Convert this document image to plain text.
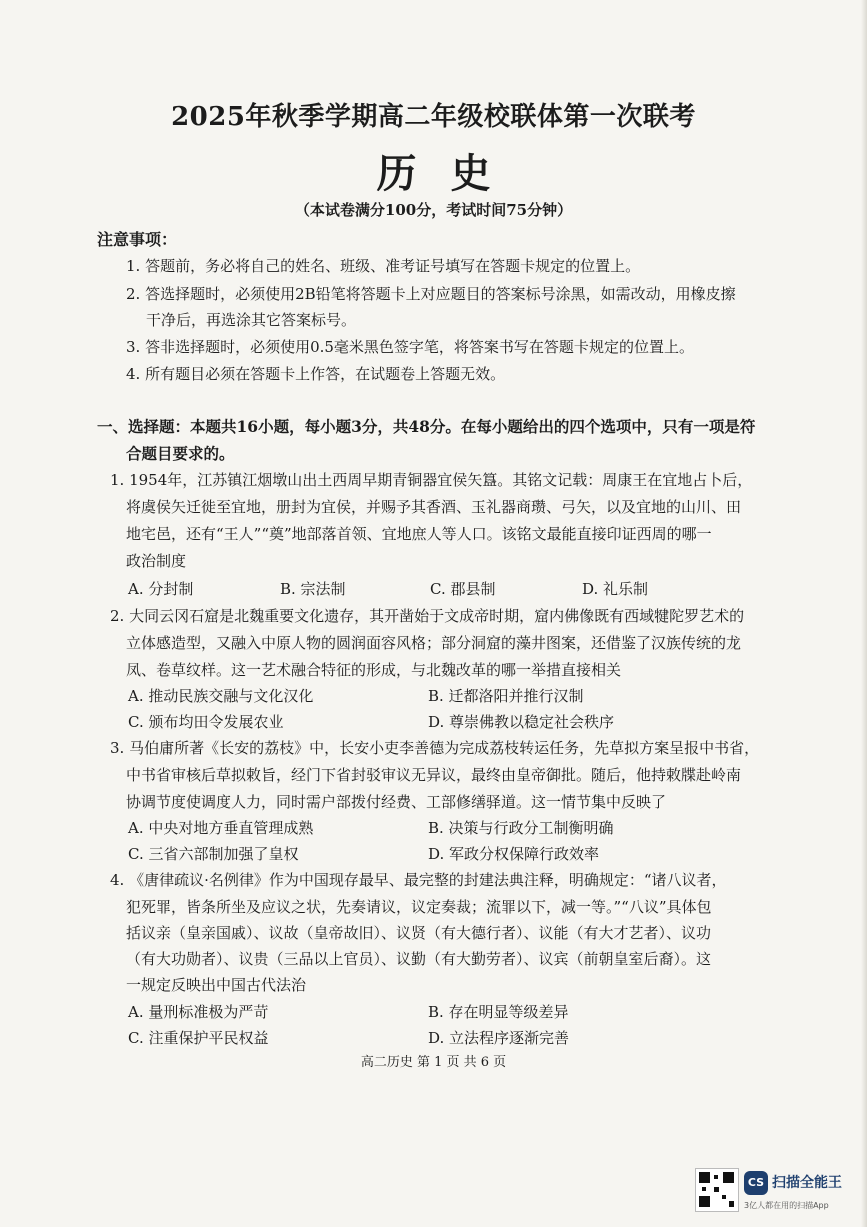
2025年秋季学期高二年级校联体第一次联考
历史
（本试卷满分100分，考试时间75分钟）
注意事项：
1. 答题前，务必将自己的姓名、班级、准考证号填写在答题卡规定的位置上。
2. 答选择题时，必须使用2B铅笔将答题卡上对应题目的答案标号涂黑，如需改动，用橡皮擦
干净后，再选涂其它答案标号。
3. 答非选择题时，必须使用0.5毫米黑色签字笔，将答案书写在答题卡规定的位置上。
4. 所有题目必须在答题卡上作答，在试题卷上答题无效。
一、选择题：本题共16小题，每小题3分，共48分。在每小题给出的四个选项中，只有一项是符
合题目要求的。
1. 1954年，江苏镇江烟墩山出土西周早期青铜器宜侯矢簋。其铭文记载：周康王在宜地占卜后，
将虞侯矢迁徙至宜地，册封为宜侯，并赐予其香酒、玉礼器商瓒、弓矢，以及宜地的山川、田
地宅邑，还有“王人”“奠”地部落首领、宜地庶人等人口。该铭文最能直接印证西周的哪一
政治制度
A. 分封制	B. 宗法制	C. 郡县制	D. 礼乐制
2. 大同云冈石窟是北魏重要文化遗存，其开凿始于文成帝时期，窟内佛像既有西域犍陀罗艺术的
立体感造型，又融入中原人物的圆润面容风格；部分洞窟的藻井图案，还借鉴了汉族传统的龙
凤、卷草纹样。这一艺术融合特征的形成，与北魏改革的哪一举措直接相关
A. 推动民族交融与文化汉化	B. 迁都洛阳并推行汉制
C. 颁布均田令发展农业	D. 尊崇佛教以稳定社会秩序
3. 马伯庸所著《长安的荔枝》中，长安小吏李善德为完成荔枝转运任务，先草拟方案呈报中书省，
中书省审核后草拟敕旨，经门下省封驳审议无异议，最终由皇帝御批。随后，他持敕牒赴岭南
协调节度使调度人力，同时需户部拨付经费、工部修缮驿道。这一情节集中反映了
A. 中央对地方垂直管理成熟	B. 决策与行政分工制衡明确
C. 三省六部制加强了皇权	D. 军政分权保障行政效率
4. 《唐律疏议·名例律》作为中国现存最早、最完整的封建法典注释，明确规定：“诸八议者，
犯死罪，皆条所坐及应议之状，先奏请议，议定奏裁；流罪以下，减一等。”“八议”具体包
括议亲（皇亲国戚）、议故（皇帝故旧）、议贤（有大德行者）、议能（有大才艺者）、议功
（有大功勋者）、议贵（三品以上官员）、议勤（有大勤劳者）、议宾（前朝皇室后裔）。这
一规定反映出中国古代法治
A. 量刑标准极为严苛	B. 存在明显等级差异
C. 注重保护平民权益	D. 立法程序逐渐完善
高二历史 第 1 页 共 6 页
CS 扫描全能王
3亿人都在用的扫描App
